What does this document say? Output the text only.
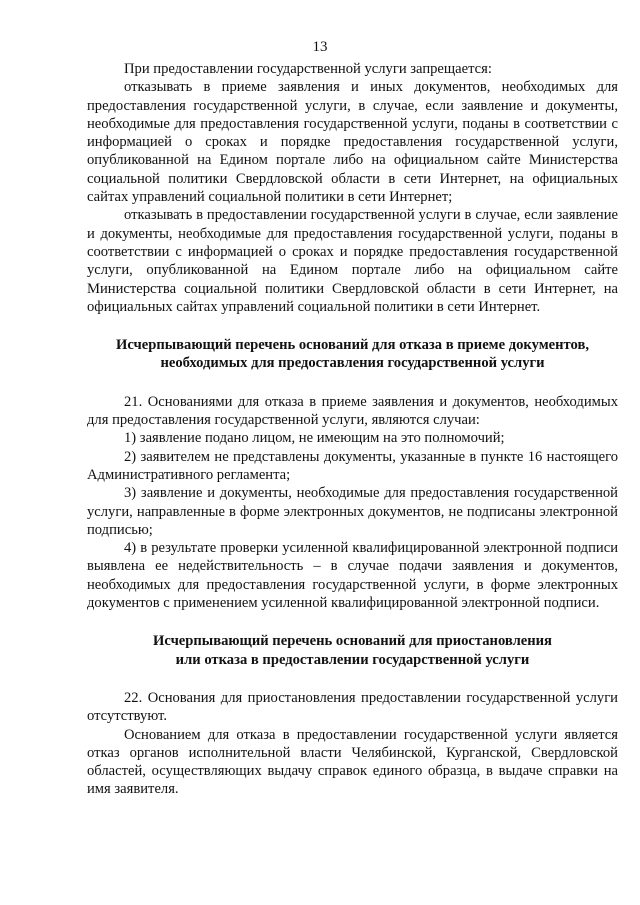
13

При предоставлении государственной услуги запрещается:

отказывать в приеме заявления и иных документов, необходимых для предоставления государственной услуги, в случае, если заявление и документы, необходимые для предоставления государственной услуги, поданы в соответствии с информацией о сроках и порядке предоставления государственной услуги, опубликованной на Едином портале либо на официальном сайте Министерства социальной политики Свердловской области в сети Интернет, на официальных сайтах управлений социальной политики в сети Интернет;

отказывать в предоставлении государственной услуги в случае, если заявление и документы, необходимые для предоставления государственной услуги, поданы в соответствии с информацией о сроках и порядке предоставления государственной услуги, опубликованной на Едином портале либо на официальном сайте Министерства социальной политики Свердловской области в сети Интернет, на официальных сайтах управлений социальной политики в сети Интернет.

Исчерпывающий перечень оснований для отказа в приеме документов,
необходимых для предоставления государственной услуги

21. Основаниями для отказа в приеме заявления и документов, необходимых для предоставления государственной услуги, являются случаи:

1) заявление подано лицом, не имеющим на это полномочий;

2) заявителем не представлены документы, указанные в пункте 16 настоящего Административного регламента;

3) заявление и документы, необходимые для предоставления государственной услуги, направленные в форме электронных документов, не подписаны электронной подписью;

4) в результате проверки усиленной квалифицированной электронной подписи выявлена ее недействительность – в случае подачи заявления и документов, необходимых для предоставления государственной услуги, в форме электронных документов с применением усиленной квалифицированной электронной подписи.

Исчерпывающий перечень оснований для приостановления
или отказа в предоставлении государственной услуги

22. Основания для приостановления предоставлении государственной услуги отсутствуют.

Основанием для отказа в предоставлении государственной услуги является отказ органов исполнительной власти Челябинской, Курганской, Свердловской областей, осуществляющих выдачу справок единого образца, в выдаче справки на имя заявителя.
